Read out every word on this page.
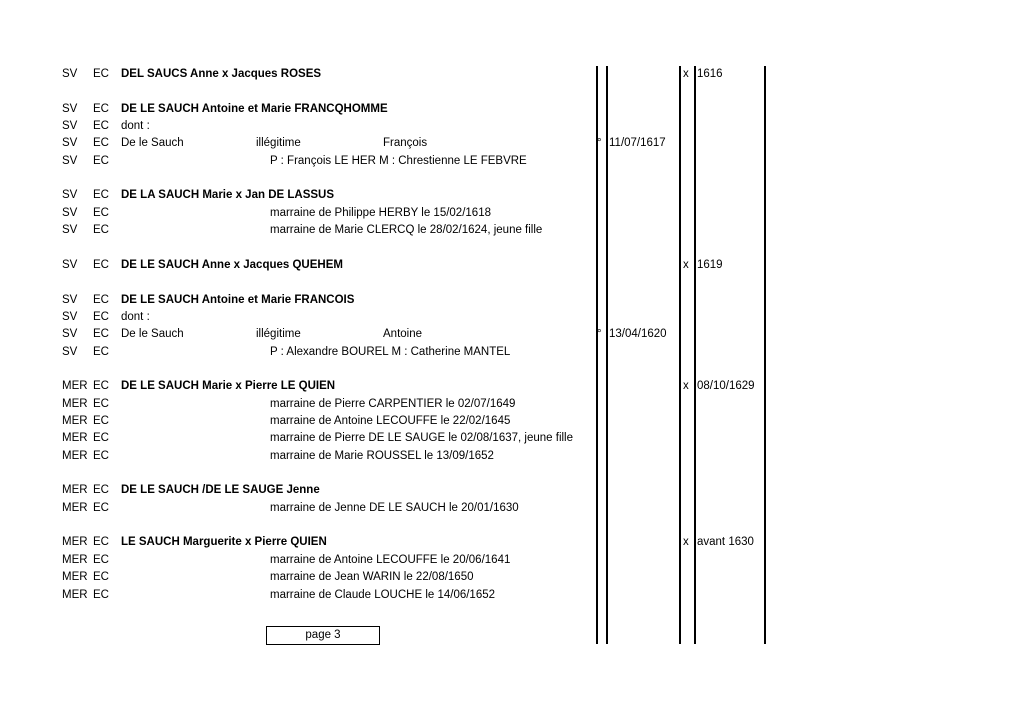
SV EC DEL SAUCS Anne x Jacques ROSES	x 1616
SV EC DE LE SAUCH Antoine et Marie FRANCQHOMME
SV EC dont :
SV EC De le Sauch	illégitime	François	° 11/07/1617
SV EC	P : François LE HER M : Chrestienne LE FEBVRE
SV EC DE LA SAUCH Marie x Jan DE LASSUS
SV EC	marraine de Philippe HERBY le 15/02/1618
SV EC	marraine de Marie CLERCQ le 28/02/1624, jeune fille
SV EC DE LE SAUCH Anne x Jacques QUEHEM	x 1619
SV EC DE LE SAUCH Antoine et Marie FRANCOIS
SV EC dont :
SV EC De le Sauch	illégitime	Antoine	° 13/04/1620
SV EC	P : Alexandre BOUREL M : Catherine MANTEL
MER EC DE LE SAUCH Marie x Pierre LE QUIEN	x 08/10/1629
MER EC	marraine de Pierre CARPENTIER le 02/07/1649
MER EC	marraine de Antoine LECOUFFE le 22/02/1645
MER EC	marraine de Pierre DE LE SAUGE le 02/08/1637, jeune fille
MER EC	marraine de Marie ROUSSEL le 13/09/1652
MER EC DE LE SAUCH /DE LE SAUGE Jenne
MER EC	marraine de Jenne DE LE SAUCH le 20/01/1630
MER EC LE SAUCH Marguerite x Pierre QUIEN	x avant 1630
MER EC	marraine de Antoine LECOUFFE le 20/06/1641
MER EC	marraine de Jean WARIN le 22/08/1650
MER EC	marraine de Claude LOUCHE le 14/06/1652
page 3
